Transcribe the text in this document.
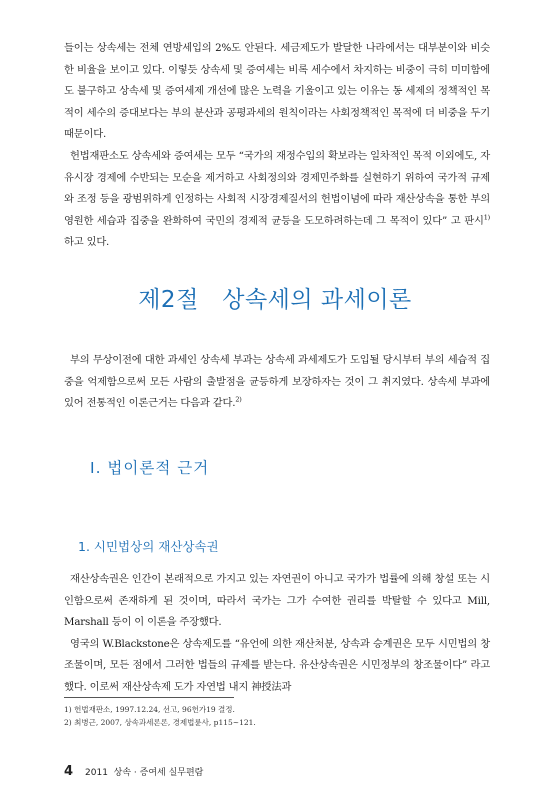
들이는 상속세는 전체 연방세입의 2%도 안된다. 세금제도가 발달한 나라에서는 대부분이와 비슷한 비율을 보이고 있다. 이렇듯 상속세 및 증여세는 비록 세수에서 차지하는 비중이 극히 미미함에도 불구하고 상속세 및 증여세제 개선에 많은 노력을 기울이고 있는 이유는 동 세제의 정책적인 목적이 세수의 증대보다는 부의 분산과 공평과세의 원칙이라는 사회정책적인 목적에 더 비중을 두기 때문이다.

헌법재판소도 상속세와 증여세는 모두 “국가의 재정수입의 확보라는 일차적인 목적 이외에도, 자유시장 경제에 수반되는 모순을 제거하고 사회정의와 경제민주화를 실현하기 위하여 국가적 규제와 조정 등을 광범위하게 인정하는 사회적 시장경제질서의 헌법이념에 따라 재산상속을 통한 부의 영원한 세습과 집중을 완화하여 국민의 경제적 균등을 도모하려하는데 그 목적이 있다” 고 판시$^{1)}$하고 있다.

제2절   상속세의 과세이론

부의 무상이전에 대한 과세인 상속세 부과는 상속세 과세제도가 도입될 당시부터 부의 세습적 집중을 억제함으로써 모든 사람의 출발점을 균등하게 보장하자는 것이 그 취지였다. 상속세 부과에 있어 전통적인 이론근거는 다음과 같다.$^{2)}$

Ⅰ. 법이론적 근거
1. 시민법상의 재산상속권

재산상속권은 인간이 본래적으로 가지고 있는 자연권이 아니고 국가가 법률에 의해 창설 또는 시인함으로써 존재하게 된 것이며, 따라서 국가는 그가 수여한 권리를 박탈할 수 있다고 Mill, Marshall 등이 이 이론을 주장했다.

영국의 W.Blackstone은 상속제도를 “유언에 의한 재산처분, 상속과 승계권은 모두 시민법의 창조물이며, 모든 점에서 그러한 법들의 규제를 받는다. 유산상속권은 시민정부의 창조물이다” 라고 했다. 이로써 재산상속제 도가 자연법 내지 神授法과

1) 헌법재판소, 1997.12.24, 선고, 96헌가19 결정.
2) 최병근, 2007, 상속과세론론, 경제법륜사, p115~121.
4 2011  상속 · 증여세 실무편람
